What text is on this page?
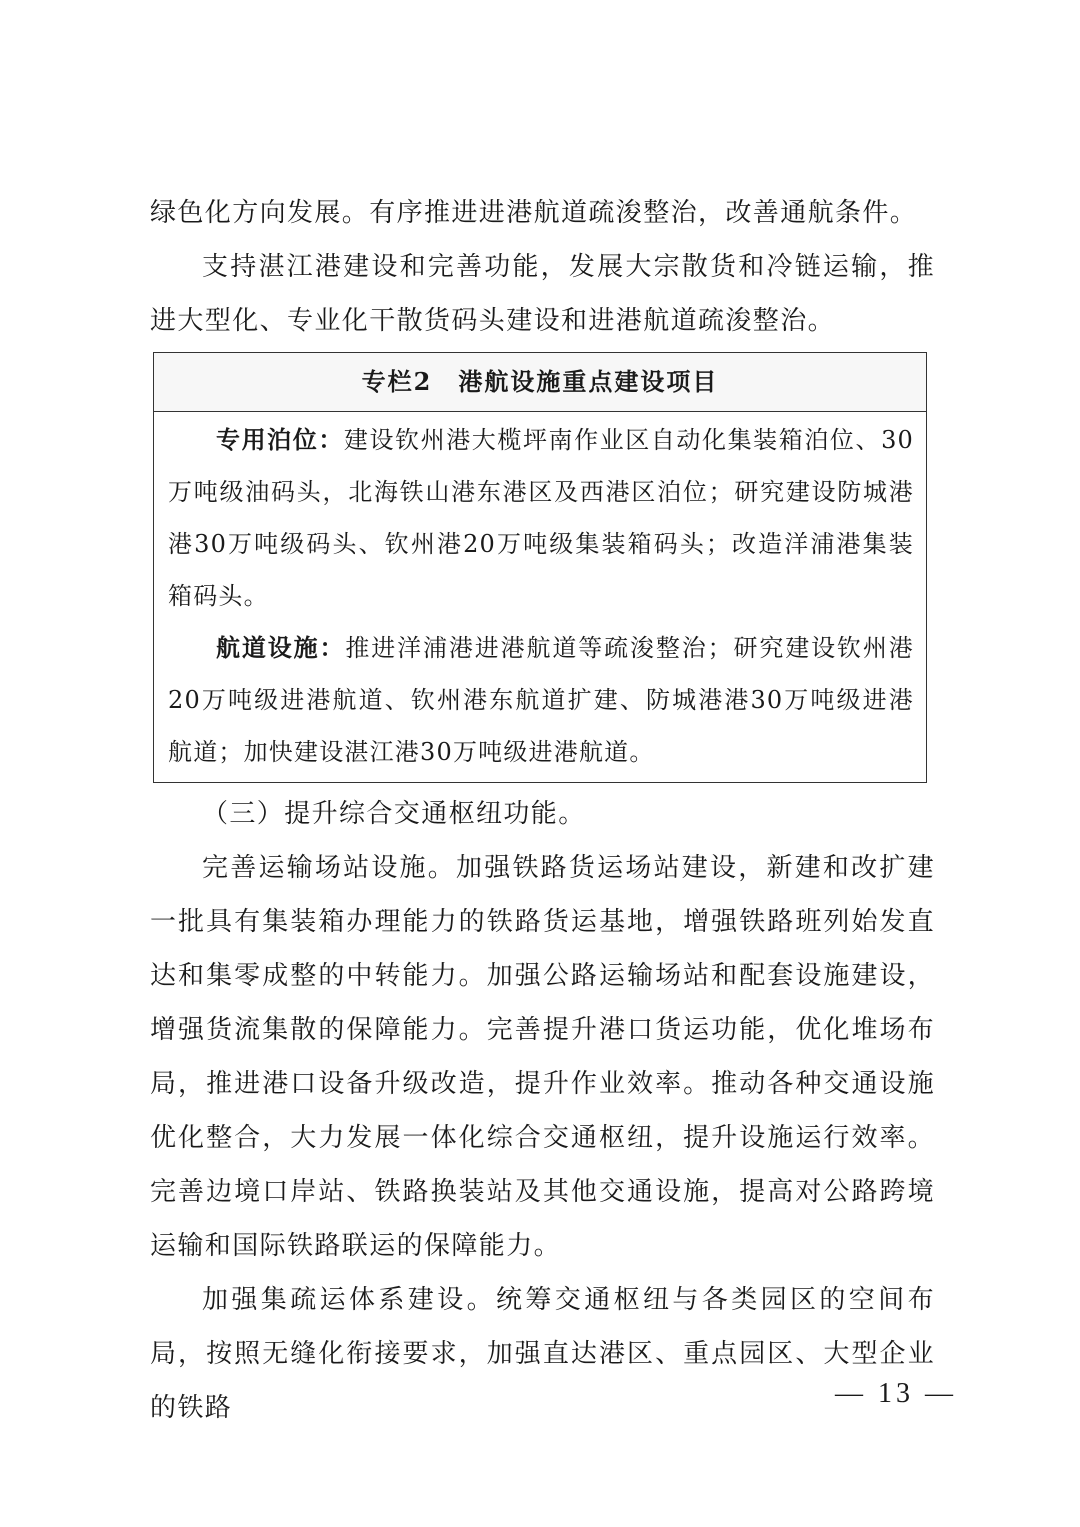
绿色化方向发展。有序推进进港航道疏浚整治，改善通航条件。

支持湛江港建设和完善功能，发展大宗散货和冷链运输，推进大型化、专业化干散货码头建设和进港航道疏浚整治。

专栏2 港航设施重点建设项目

专用泊位：建设钦州港大榄坪南作业区自动化集装箱泊位、30万吨级油码头，北海铁山港东港区及西港区泊位；研究建设防城港港30万吨级码头、钦州港20万吨级集装箱码头；改造洋浦港集装箱码头。

航道设施：推进洋浦港进港航道等疏浚整治；研究建设钦州港20万吨级进港航道、钦州港东航道扩建、防城港港30万吨级进港航道；加快建设湛江港30万吨级进港航道。

（三）提升综合交通枢纽功能。

完善运输场站设施。加强铁路货运场站建设，新建和改扩建一批具有集装箱办理能力的铁路货运基地，增强铁路班列始发直达和集零成整的中转能力。加强公路运输场站和配套设施建设，增强货流集散的保障能力。完善提升港口货运功能，优化堆场布局，推进港口设备升级改造，提升作业效率。推动各种交通设施优化整合，大力发展一体化综合交通枢纽，提升设施运行效率。完善边境口岸站、铁路换装站及其他交通设施，提高对公路跨境运输和国际铁路联运的保障能力。

加强集疏运体系建设。统筹交通枢纽与各类园区的空间布局，按照无缝化衔接要求，加强直达港区、重点园区、大型企业的铁路	— 13 —
